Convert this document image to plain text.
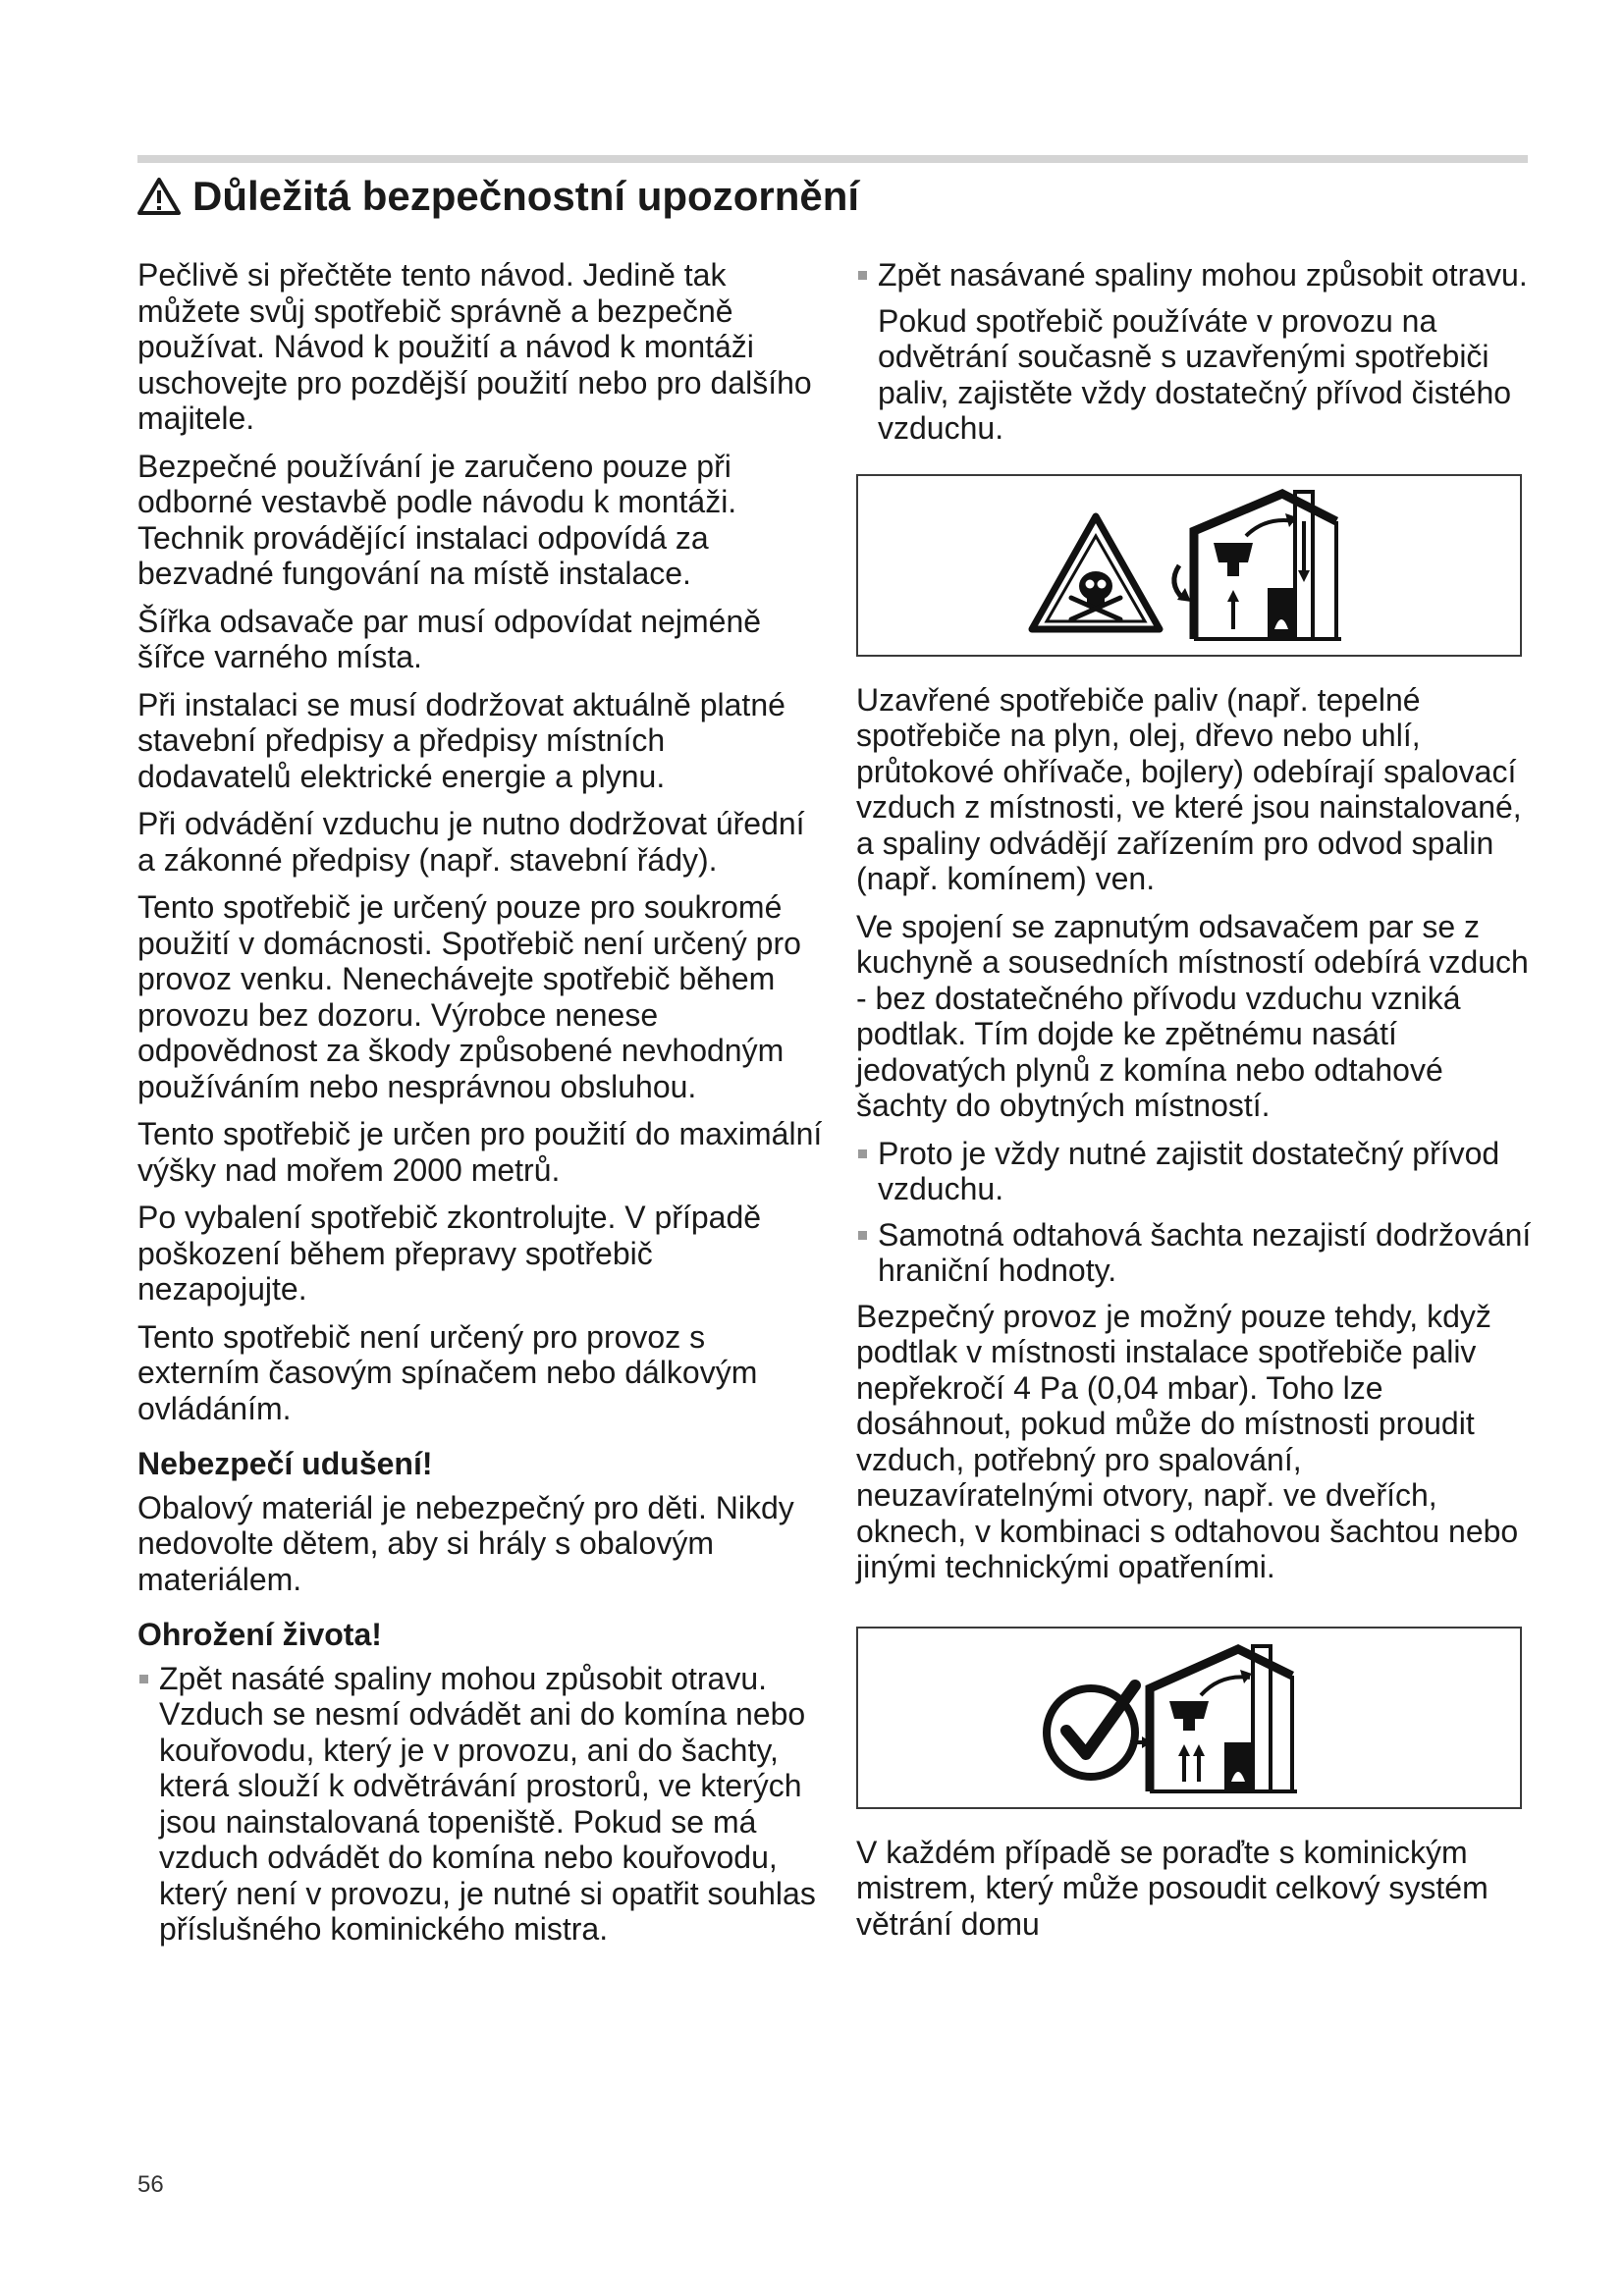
Důležitá bezpečnostní upozornění

Pečlivě si přečtěte tento návod. Jedině tak můžete svůj spotřebič správně a bezpečně používat. Návod k použití a návod k montáži uschovejte pro pozdější použití nebo pro dalšího majitele.

Bezpečné používání je zaručeno pouze při odborné vestavbě podle návodu k montáži. Technik provádějící instalaci odpovídá za bezvadné fungování na místě instalace.

Šířka odsavače par musí odpovídat nejméně šířce varného místa.

Při instalaci se musí dodržovat aktuálně platné stavební předpisy a předpisy místních dodavatelů elektrické energie a plynu.

Při odvádění vzduchu je nutno dodržovat úřední a zákonné předpisy (např. stavební řády).

Tento spotřebič je určený pouze pro soukromé použití v domácnosti. Spotřebič není určený pro provoz venku. Nenechávejte spotřebič během provozu bez dozoru. Výrobce nenese odpovědnost za škody způsobené nevhodným používáním nebo nesprávnou obsluhou.

Tento spotřebič je určen pro použití do maximální výšky nad mořem 2000 metrů.

Po vybalení spotřebič zkontrolujte. V případě poškození během přepravy spotřebič nezapojujte.

Tento spotřebič není určený pro provoz s externím časovým spínačem nebo dálkovým ovládáním.

Nebezpečí udušení!

Obalový materiál je nebezpečný pro děti. Nikdy nedovolte dětem, aby si hrály s obalovým materiálem.

Ohrožení života!

Zpět nasáté spaliny mohou způsobit otravu. Vzduch se nesmí odvádět ani do komína nebo kouřovodu, který je v provozu, ani do šachty, která slouží k odvětrávání prostorů, ve kterých jsou nainstalovaná topeniště. Pokud se má vzduch odvádět do komína nebo kouřovodu, který není v provozu, je nutné si opatřit souhlas příslušného kominického mistra.

Zpět nasávané spaliny mohou způsobit otravu.

Pokud spotřebič používáte v provozu na odvětrání současně s uzavřenými spotřebiči paliv, zajistěte vždy dostatečný přívod čistého vzduchu.

Uzavřené spotřebiče paliv (např. tepelné spotřebiče na plyn, olej, dřevo nebo uhlí, průtokové ohřívače, bojlery) odebírají spalovací vzduch z místnosti, ve které jsou nainstalované, a spaliny odvádějí zařízením pro odvod spalin (např. komínem) ven.

Ve spojení se zapnutým odsavačem par se z kuchyně a sousedních místností odebírá vzduch - bez dostatečného přívodu vzduchu vzniká podtlak. Tím dojde ke zpětnému nasátí jedovatých plynů z komína nebo odtahové šachty do obytných místností.

Proto je vždy nutné zajistit dostatečný přívod vzduchu.

Samotná odtahová šachta nezajistí dodržování hraniční hodnoty.

Bezpečný provoz je možný pouze tehdy, když podtlak v místnosti instalace spotřebiče paliv nepřekročí 4 Pa (0,04 mbar). Toho lze dosáhnout, pokud může do místnosti proudit vzduch, potřebný pro spalování, neuzavíratelnými otvory, např. ve dveřích, oknech, v kombinaci s odtahovou šachtou nebo jinými technickými opatřeními.

V každém případě se poraďte s kominickým mistrem, který může posoudit celkový systém větrání domu

56
